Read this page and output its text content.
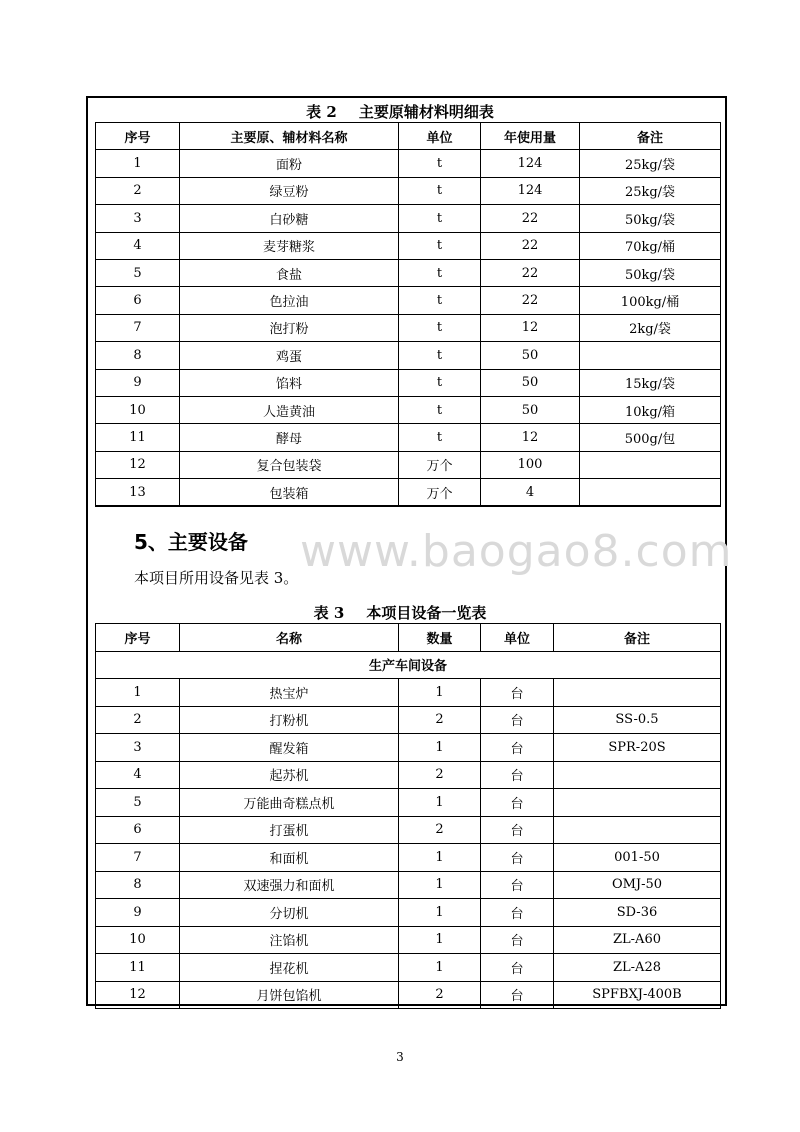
表 2 主要原辅材料明细表
序号	主要原、辅材料名称	单位	年使用量	备注
1	面粉	t	124	25kg/袋
2	绿豆粉	t	124	25kg/袋
3	白砂糖	t	22	50kg/袋
4	麦芽糖浆	t	22	70kg/桶
5	食盐	t	22	50kg/袋
6	色拉油	t	22	100kg/桶
7	泡打粉	t	12	2kg/袋
8	鸡蛋	t	50	
9	馅料	t	50	15kg/袋
10	人造黄油	t	50	10kg/箱
11	酵母	t	12	500g/包
12	复合包装袋	万个	100	
13	包装箱	万个	4	
5、主要设备 www.baogao8.com
本项目所用设备见表 3。
表 3 本项目设备一览表
序号	名称	数量	单位	备注
生产车间设备				
1	热宝炉	1	台	
2	打粉机	2	台	SS-0.5
3	醒发箱	1	台	SPR-20S
4	起苏机	2	台	
5	万能曲奇糕点机	1	台	
6	打蛋机	2	台	
7	和面机	1	台	001-50
8	双速强力和面机	1	台	OMJ-50
9	分切机	1	台	SD-36
10	注馅机	1	台	ZL-A60
11	捏花机	1	台	ZL-A28
12	月饼包馅机	2	台	SPFBXJ-400B
3
